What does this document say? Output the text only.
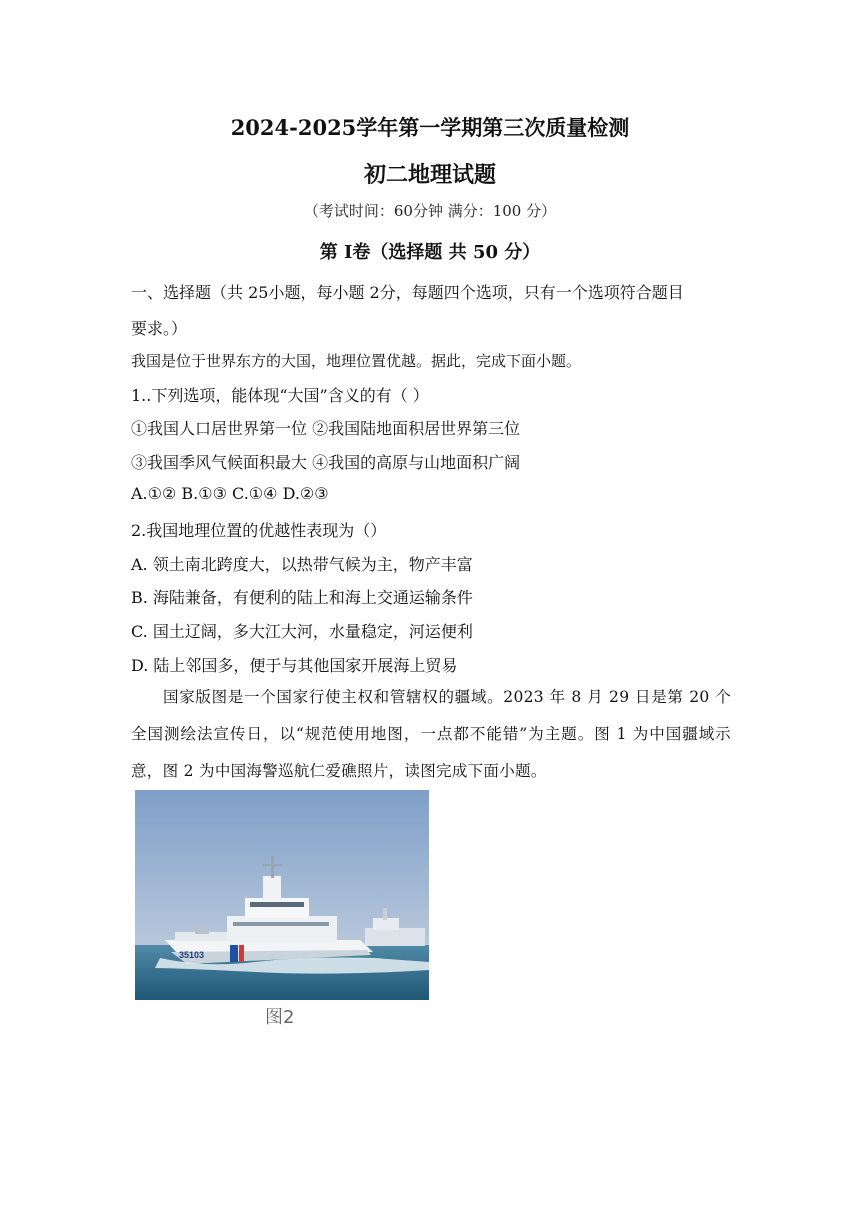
2024-2025学年第一学期第三次质量检测
初二地理试题
（考试时间：60分钟 满分：100 分）
第 I卷（选择题 共 50 分）
一、选择题（共 25小题，每小题 2分，每题四个选项，只有一个选项符合题目
要求。）
我国是位于世界东方的大国，地理位置优越。据此，完成下面小题。
1..下列选项，能体现“大国”含义的有（ ）
①我国人口居世界第一位 ②我国陆地面积居世界第三位
③我国季风气候面积最大 ④我国的高原与山地面积广阔
A.①② B.①③ C.①④ D.②③
2.我国地理位置的优越性表现为（）
A. 领土南北跨度大，以热带气候为主，物产丰富
B. 海陆兼备，有便利的陆上和海上交通运输条件
C. 国土辽阔，多大江大河，水量稳定，河运便利
D. 陆上邻国多，便于与其他国家开展海上贸易
国家版图是一个国家行使主权和管辖权的疆域。2023 年 8 月 29 日是第 20 个全国测绘法宣传日，以“规范使用地图，一点都不能错”为主题。图 1 为中国疆域示意，图 2 为中国海警巡航仁爱礁照片，读图完成下面小题。
35103
图2
